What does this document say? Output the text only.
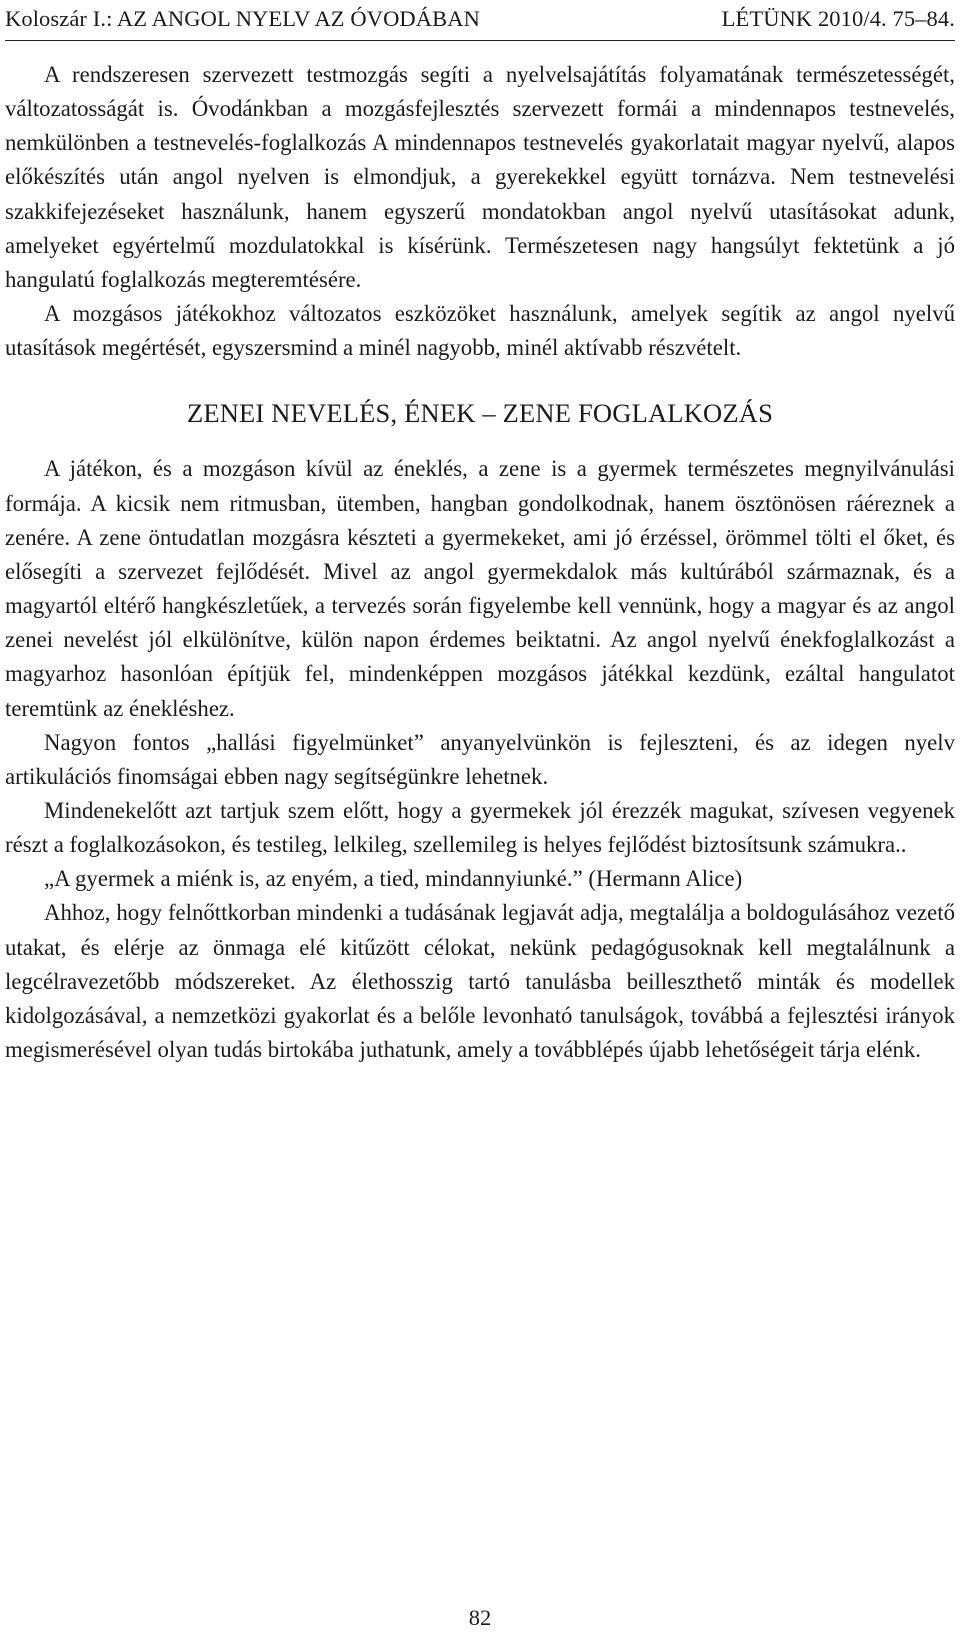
Koloszár I.: AZ ANGOL NYELV AZ ÓVODÁBAN	LÉTÜNK 2010/4. 75–84.

A rendszeresen szervezett testmozgás segíti a nyelvelsajátítás folyamatának természetességét, változatosságát is. Óvodánkban a mozgásfejlesztés szervezett formái a mindennapos testnevelés, nemkülönben a testnevelés-foglalkozás A mindennapos testnevelés gyakorlatait magyar nyelvű, alapos előkészítés után angol nyelven is elmondjuk, a gyerekekkel együtt tornázva. Nem testnevelési szakkifejezéseket használunk, hanem egyszerű mondatokban angol nyelvű utasításokat adunk, amelyeket egyértelmű mozdulatokkal is kísérünk. Természetesen nagy hangsúlyt fektetünk a jó hangulatú foglalkozás megteremtésére.

A mozgásos játékokhoz változatos eszközöket használunk, amelyek segítik az angol nyelvű utasítások megértését, egyszersmind a minél nagyobb, minél aktívabb részvételt.

ZENEI NEVELÉS, ÉNEK – ZENE FOGLALKOZÁS

A játékon, és a mozgáson kívül az éneklés, a zene is a gyermek természetes megnyilvánulási formája. A kicsik nem ritmusban, ütemben, hangban gondolkodnak, hanem ösztönösen ráéreznek a zenére. A zene öntudatlan mozgásra készteti a gyermekeket, ami jó érzéssel, örömmel tölti el őket, és elősegíti a szervezet fejlődését. Mivel az angol gyermekdalok más kultúrából származnak, és a magyartól eltérő hangkészletűek, a tervezés során figyelembe kell vennünk, hogy a magyar és az angol zenei nevelést jól elkülönítve, külön napon érdemes beiktatni. Az angol nyelvű énekfoglalkozást a magyarhoz hasonlóan építjük fel, mindenképpen mozgásos játékkal kezdünk, ezáltal hangulatot teremtünk az énekléshez.

Nagyon fontos „hallási figyelmünket” anyanyelvünkön is fejleszteni, és az idegen nyelv artikulációs finomságai ebben nagy segítségünkre lehetnek.

Mindenekelőtt azt tartjuk szem előtt, hogy a gyermekek jól érezzék magukat, szívesen vegyenek részt a foglalkozásokon, és testileg, lelkileg, szellemileg is helyes fejlődést biztosítsunk számukra..

„A gyermek a miénk is, az enyém, a tied, mindannyiunké.” (Hermann Alice)

Ahhoz, hogy felnőttkorban mindenki a tudásának legjavát adja, megtalálja a boldogulásához vezető utakat, és elérje az önmaga elé kitűzött célokat, nekünk pedagógusoknak kell megtalálnunk a legcélravezetőbb módszereket. Az élethosszig tartó tanulásba beilleszthető minták és modellek kidolgozásával, a nemzetközi gyakorlat és a belőle levonható tanulságok, továbbá a fejlesztési irányok megismerésével olyan tudás birtokába juthatunk, amely a továbblépés újabb lehetőségeit tárja elénk.

82
